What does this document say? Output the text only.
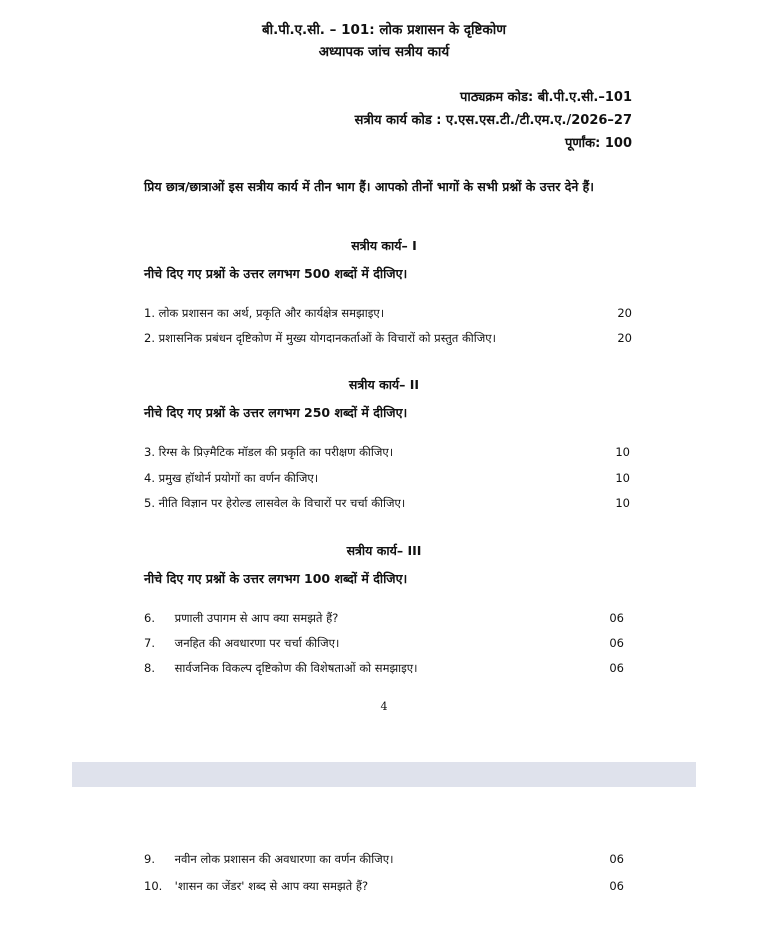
बी.पी.ए.सी. – 101: लोक प्रशासन के दृष्टिकोण
अध्यापक जांच सत्रीय कार्य
पाठ्यक्रम कोड: बी.पी.ए.सी.–101
सत्रीय कार्य कोड : ए.एस.एस.टी./टी.एम.ए./2026–27
पूर्णांक: 100
प्रिय छात्र/छात्राओं इस सत्रीय कार्य में तीन भाग हैं। आपको तीनों भागों के सभी प्रश्नों के उत्तर देने हैं।
सत्रीय कार्य– I
नीचे दिए गए प्रश्नों के उत्तर लगभग 500 शब्दों में दीजिए।
1. लोक प्रशासन का अर्थ, प्रकृति और कार्यक्षेत्र समझाइए।	20
2. प्रशासनिक प्रबंधन दृष्टिकोण में मुख्य योगदानकर्ताओं के विचारों को प्रस्तुत कीजिए।	20
सत्रीय कार्य– II
नीचे दिए गए प्रश्नों के उत्तर लगभग 250 शब्दों में दीजिए।
3. रिग्स के प्रिज़्मैटिक मॉडल की प्रकृति का परीक्षण कीजिए।	10
4. प्रमुख हॉथोर्न प्रयोगों का वर्णन कीजिए।	10
5. नीति विज्ञान पर हेरोल्ड लासवेल के विचारों पर चर्चा कीजिए।	10
सत्रीय कार्य– III
नीचे दिए गए प्रश्नों के उत्तर लगभग 100 शब्दों में दीजिए।
6. प्रणाली उपागम से आप क्या समझते हैं?	06
7. जनहित की अवधारणा पर चर्चा कीजिए।	06
8. सार्वजनिक विकल्प दृष्टिकोण की विशेषताओं को समझाइए।	06
4
9. नवीन लोक प्रशासन की अवधारणा का वर्णन कीजिए।	06
10. 'शासन का जेंडर' शब्द से आप क्या समझते हैं?	06
